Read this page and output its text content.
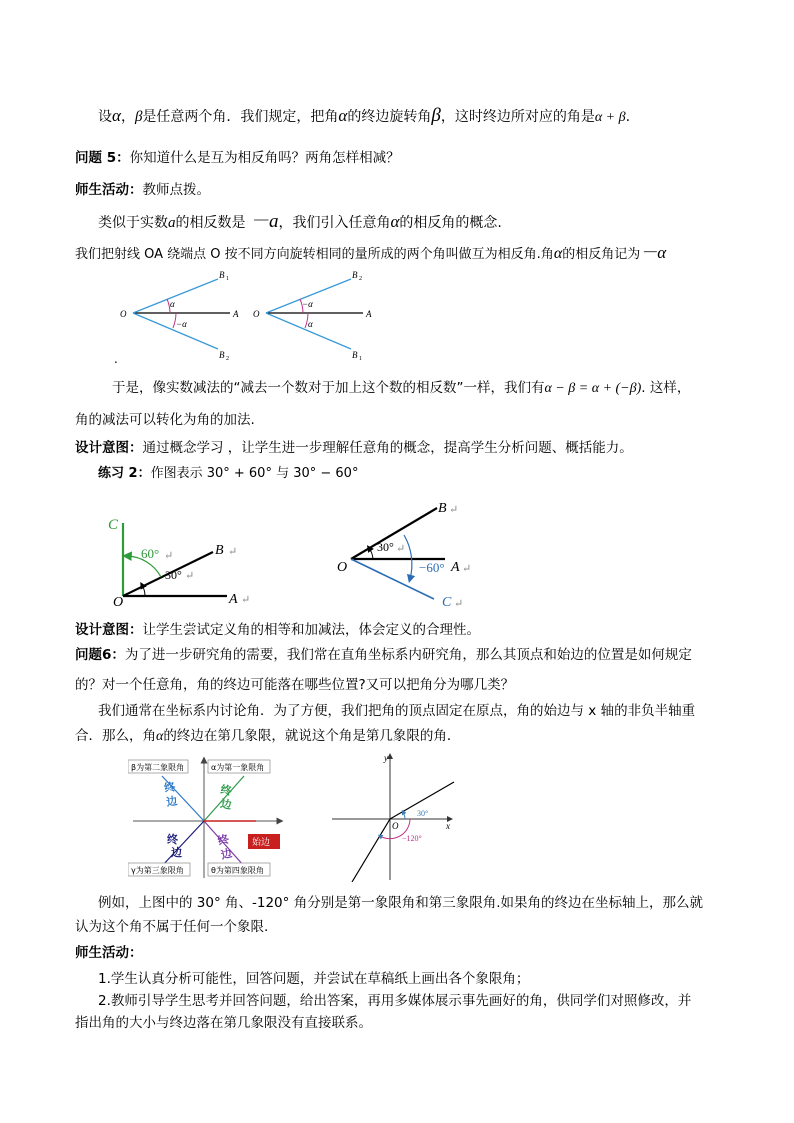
设α，β是任意两个角．我们规定，把角α的终边旋转角β，这时终边所对应的角是α + β.
问题 5：你知道什么是互为相反角吗？两角怎样相减？
师生活动：教师点拨。
类似于实数a的相反数是 －a，我们引入任意角α的相反角的概念.
我们把射线 OA 绕端点 O 按不同方向旋转相同的量所成的两个角叫做互为相反角.角α的相反角记为－α
O	A
B 1
B 2
α
−α
O	A
B 2
B 1
−α
α
.
于是，像实数减法的“减去一个数对于加上这个数的相反数”一样，我们有α − β = α + (−β). 这样，
角的减法可以转化为角的加法.
设计意图：通过概念学习 ，让学生进一步理解任意角的概念，提高学生分析问题、概括能力。
练习 2：作图表示 30° + 60° 与 30° − 60°
C
B ↵
A ↵
O
60° ↵
30° ↵
B ↵
O	A ↵
C ↵
30° ↵
−60°
设计意图：让学生尝试定义角的相等和加减法，体会定义的合理性。
问题6：为了进一步研究角的需要，我们常在直角坐标系内研究角，那么其顶点和始边的位置是如何规定
的？对一个任意角，角的终边可能落在哪些位置?又可以把角分为哪几类？
我们通常在坐标系内讨论角．为了方便，我们把角的顶点固定在原点，角的始边与 x 轴的非负半轴重
合．那么，角α的终边在第几象限，就说这个角是第几象限的角．
β为第二象限角	α为第一象限角
γ为第三象限角	θ为第四象限角
终
边
终
边
终
边
终
边
始边
y
x
O
30°
−120°
例如，上图中的 30° 角、-120° 角分别是第一象限角和第三象限角.如果角的终边在坐标轴上，那么就
认为这个角不属于任何一个象限.
师生活动：
1.学生认真分析可能性，回答问题，并尝试在草稿纸上画出各个象限角；
2.教师引导学生思考并回答问题，给出答案，再用多媒体展示事先画好的角，供同学们对照修改，并
指出角的大小与终边落在第几象限没有直接联系。
